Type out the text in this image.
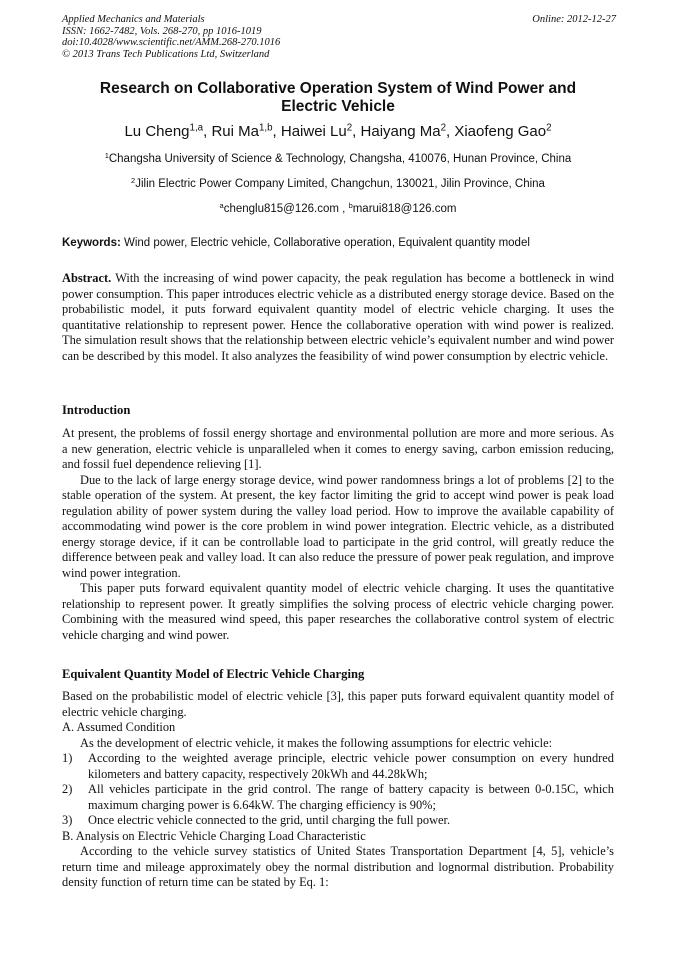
Applied Mechanics and Materials
ISSN: 1662-7482, Vols. 268-270, pp 1016-1019
doi:10.4028/www.scientific.net/AMM.268-270.1016
© 2013 Trans Tech Publications Ltd, Switzerland
Online: 2012-12-27
Research on Collaborative Operation System of Wind Power and
Electric Vehicle
Lu Cheng$^{1,a}$, Rui Ma$^{1,b}$, Haiwei Lu$^2$, Haiyang Ma$^2$, Xiaofeng Gao$^2$
$^1$Changsha University of Science & Technology, Changsha, 410076, Hunan Province, China
$^2$Jilin Electric Power Company Limited, Changchun, 130021, Jilin Province, China
$^a$chenglu815@126.com , $^b$marui818@126.com
Keywords: Wind power, Electric vehicle, Collaborative operation, Equivalent quantity model

Abstract. With the increasing of wind power capacity, the peak regulation has become a bottleneck in wind power consumption. This paper introduces electric vehicle as a distributed energy storage device. Based on the probabilistic model, it puts forward equivalent quantity model of electric vehicle charging. It uses the quantitative relationship to represent power. Hence the collaborative operation with wind power is realized. The simulation result shows that the relationship between electric vehicle’s equivalent number and wind power can be described by this model. It also analyzes the feasibility of wind power consumption by electric vehicle.

Introduction

At present, the problems of fossil energy shortage and environmental pollution are more and more serious. As a new generation, electric vehicle is unparalleled when it comes to energy saving, carbon emission reducing, and fossil fuel dependence relieving [1].

Due to the lack of large energy storage device, wind power randomness brings a lot of problems [2] to the stable operation of the system. At present, the key factor limiting the grid to accept wind power is peak load regulation ability of power system during the valley load period. How to improve the available capability of accommodating wind power is the core problem in wind power integration. Electric vehicle, as a distributed energy storage device, if it can be controllable load to participate in the grid control, will greatly reduce the difference between peak and valley load. It can also reduce the pressure of power peak regulation, and improve wind power integration.

This paper puts forward equivalent quantity model of electric vehicle charging. It uses the quantitative relationship to represent power. It greatly simplifies the solving process of electric vehicle charging power. Combining with the measured wind speed, this paper researches the collaborative control system of electric vehicle charging and wind power.

Equivalent Quantity Model of Electric Vehicle Charging

Based on the probabilistic model of electric vehicle [3], this paper puts forward equivalent quantity model of electric vehicle charging.

A. Assumed Condition

As the development of electric vehicle, it makes the following assumptions for electric vehicle:

1)	According to the weighted average principle, electric vehicle power consumption on every hundred kilometers and battery capacity, respectively 20kWh and 44.28kWh;
2)	All vehicles participate in the grid control. The range of battery capacity is between 0-0.15C, which maximum charging power is 6.64kW. The charging efficiency is 90%;
3)	Once electric vehicle connected to the grid, until charging the full power.

B. Analysis on Electric Vehicle Charging Load Characteristic

According to the vehicle survey statistics of United States Transportation Department [4, 5], vehicle’s return time and mileage approximately obey the normal distribution and lognormal distribution. Probability density function of return time can be stated by Eq. 1:
